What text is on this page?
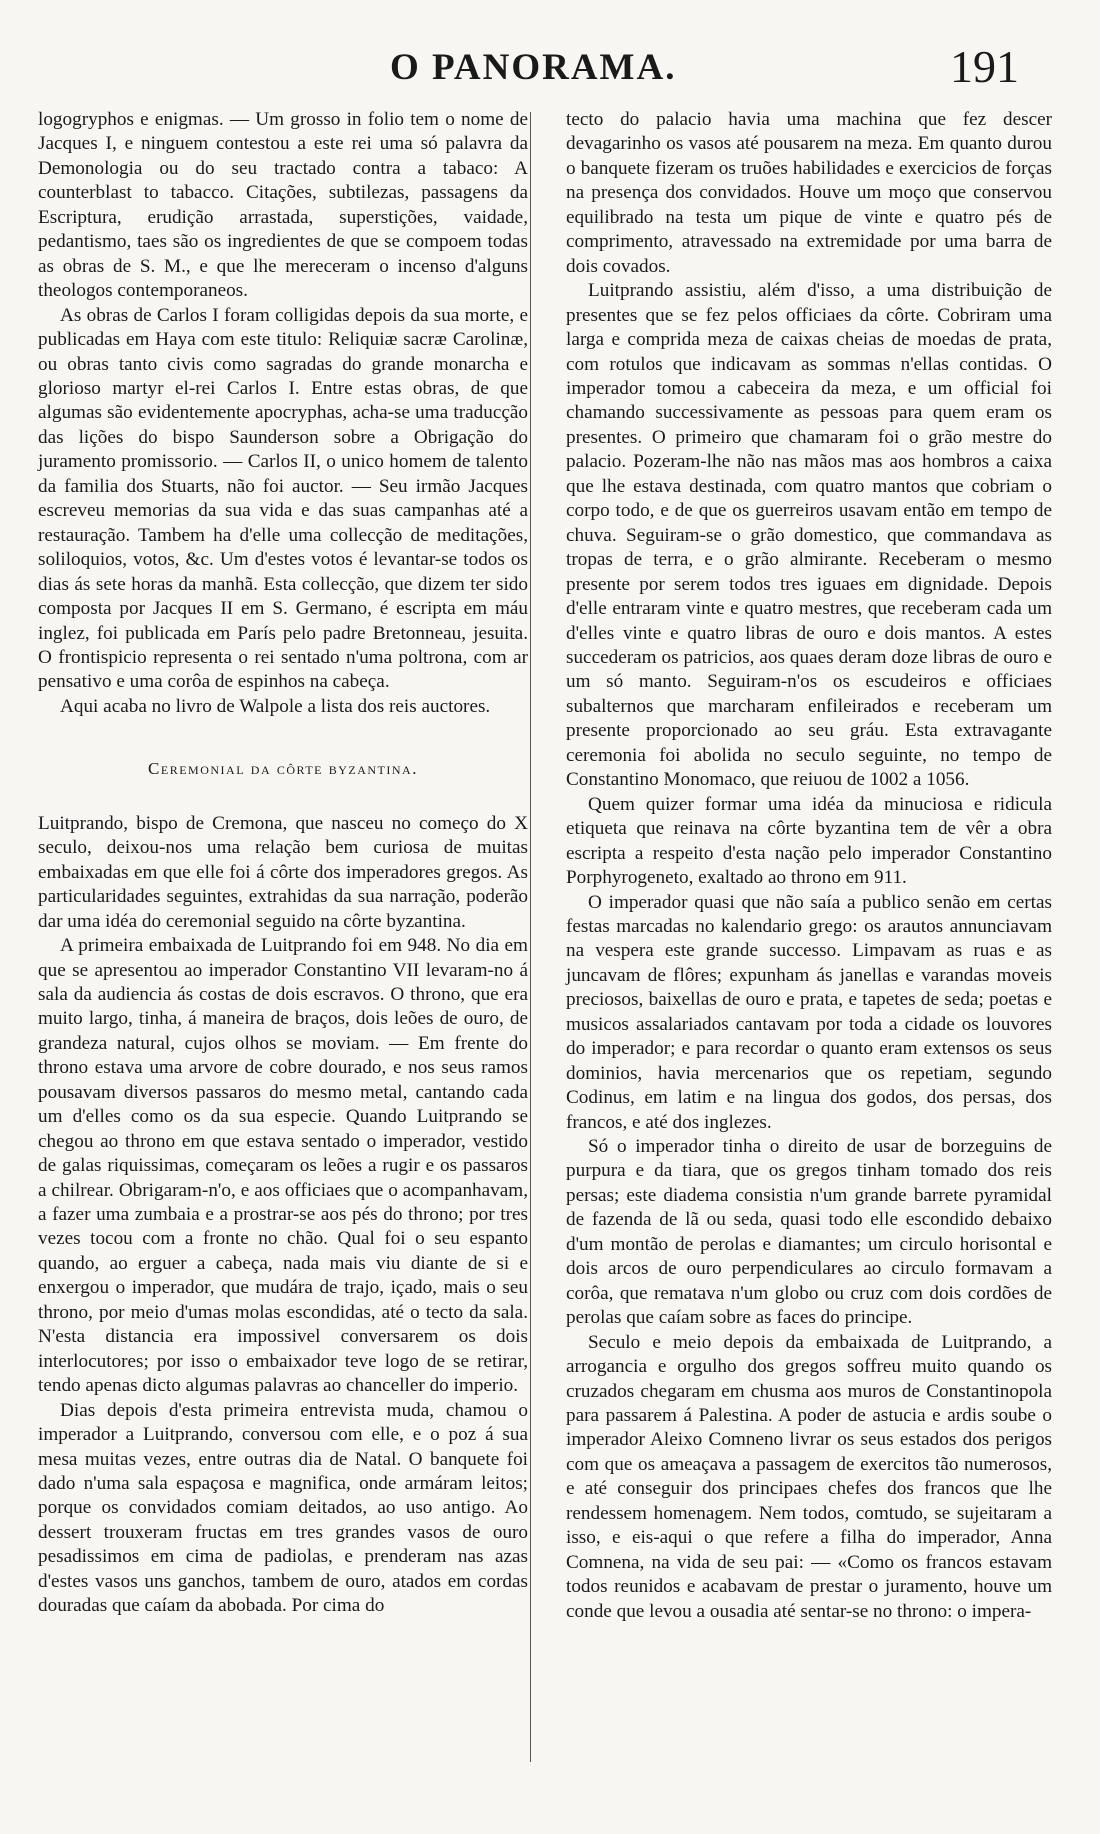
O PANORAMA.	191

logogryphos e enigmas. — Um grosso in folio tem o nome de Jacques I, e ninguem contestou a este rei uma só palavra da Demonologia ou do seu tractado contra a tabaco: A counterblast to tabacco. Citações, subtilezas, passagens da Escriptura, erudição arrastada, superstições, vaidade, pedantismo, taes são os ingredientes de que se compoem todas as obras de S. M., e que lhe mereceram o incenso d'alguns theologos contemporaneos.

As obras de Carlos I foram colligidas depois da sua morte, e publicadas em Haya com este titulo: Reliquiæ sacræ Carolinæ, ou obras tanto civis como sagradas do grande monarcha e glorioso martyr el-rei Carlos I. Entre estas obras, de que algumas são evidentemente apocryphas, acha-se uma traducção das lições do bispo Saunderson sobre a Obrigação do juramento promissorio. — Carlos II, o unico homem de talento da familia dos Stuarts, não foi auctor. — Seu irmão Jacques escreveu memorias da sua vida e das suas campanhas até a restauração. Tambem ha d'elle uma collecção de meditações, soliloquios, votos, &c. Um d'estes votos é levantar-se todos os dias ás sete horas da manhã. Esta collecção, que dizem ter sido composta por Jacques II em S. Germano, é escripta em máu inglez, foi publicada em París pelo padre Bretonneau, jesuita. O frontispicio representa o rei sentado n'uma poltrona, com ar pensativo e uma corôa de espinhos na cabeça.

Aqui acaba no livro de Walpole a lista dos reis auctores.

Ceremonial da côrte byzantina.

Luitprando, bispo de Cremona, que nasceu no começo do X seculo, deixou-nos uma relação bem curiosa de muitas embaixadas em que elle foi á côrte dos imperadores gregos. As particularidades seguintes, extrahidas da sua narração, poderão dar uma idéa do ceremonial seguido na côrte byzantina.

A primeira embaixada de Luitprando foi em 948. No dia em que se apresentou ao imperador Constantino VII levaram-no á sala da audiencia ás costas de dois escravos. O throno, que era muito largo, tinha, á maneira de braços, dois leões de ouro, de grandeza natural, cujos olhos se moviam. — Em frente do throno estava uma arvore de cobre dourado, e nos seus ramos pousavam diversos passaros do mesmo metal, cantando cada um d'elles como os da sua especie. Quando Luitprando se chegou ao throno em que estava sentado o imperador, vestido de galas riquissimas, começaram os leões a rugir e os passaros a chilrear. Obrigaram-n'o, e aos officiaes que o acompanhavam, a fazer uma zumbaia e a prostrar-se aos pés do throno; por tres vezes tocou com a fronte no chão. Qual foi o seu espanto quando, ao erguer a cabeça, nada mais viu diante de si e enxergou o imperador, que mudára de trajo, içado, mais o seu throno, por meio d'umas molas escondidas, até o tecto da sala. N'esta distancia era impossivel conversarem os dois interlocutores; por isso o embaixador teve logo de se retirar, tendo apenas dicto algumas palavras ao chanceller do imperio.

Dias depois d'esta primeira entrevista muda, chamou o imperador a Luitprando, conversou com elle, e o poz á sua mesa muitas vezes, entre outras dia de Natal. O banquete foi dado n'uma sala espaçosa e magnifica, onde armáram leitos; porque os convidados comiam deitados, ao uso antigo. Ao dessert trouxeram fructas em tres grandes vasos de ouro pesadissimos em cima de padiolas, e prenderam nas azas d'estes vasos uns ganchos, tambem de ouro, atados em cordas douradas que caíam da abobada. Por cima do

tecto do palacio havia uma machina que fez descer devagarinho os vasos até pousarem na meza. Em quanto durou o banquete fizeram os truões habilidades e exercicios de forças na presença dos convidados. Houve um moço que conservou equilibrado na testa um pique de vinte e quatro pés de comprimento, atravessado na extremidade por uma barra de dois covados.

Luitprando assistiu, além d'isso, a uma distribuição de presentes que se fez pelos officiaes da côrte. Cobriram uma larga e comprida meza de caixas cheias de moedas de prata, com rotulos que indicavam as sommas n'ellas contidas. O imperador tomou a cabeceira da meza, e um official foi chamando successivamente as pessoas para quem eram os presentes. O primeiro que chamaram foi o grão mestre do palacio. Pozeram-lhe não nas mãos mas aos hombros a caixa que lhe estava destinada, com quatro mantos que cobriam o corpo todo, e de que os guerreiros usavam então em tempo de chuva. Seguiram-se o grão domestico, que commandava as tropas de terra, e o grão almirante. Receberam o mesmo presente por serem todos tres iguaes em dignidade. Depois d'elle entraram vinte e quatro mestres, que receberam cada um d'elles vinte e quatro libras de ouro e dois mantos. A estes succederam os patricios, aos quaes deram doze libras de ouro e um só manto. Seguiram-n'os os escudeiros e officiaes subalternos que marcharam enfileirados e receberam um presente proporcionado ao seu gráu. Esta extravagante ceremonia foi abolida no seculo seguinte, no tempo de Constantino Monomaco, que reiuou de 1002 a 1056.

Quem quizer formar uma idéa da minuciosa e ridicula etiqueta que reinava na côrte byzantina tem de vêr a obra escripta a respeito d'esta nação pelo imperador Constantino Porphyrogeneto, exaltado ao throno em 911.

O imperador quasi que não saía a publico senão em certas festas marcadas no kalendario grego: os arautos annunciavam na vespera este grande successo. Limpavam as ruas e as juncavam de flôres; expunham ás janellas e varandas moveis preciosos, baixellas de ouro e prata, e tapetes de seda; poetas e musicos assalariados cantavam por toda a cidade os louvores do imperador; e para recordar o quanto eram extensos os seus dominios, havia mercenarios que os repetiam, segundo Codinus, em latim e na lingua dos godos, dos persas, dos francos, e até dos inglezes.

Só o imperador tinha o direito de usar de borzeguins de purpura e da tiara, que os gregos tinham tomado dos reis persas; este diadema consistia n'um grande barrete pyramidal de fazenda de lã ou seda, quasi todo elle escondido debaixo d'um montão de perolas e diamantes; um circulo horisontal e dois arcos de ouro perpendiculares ao circulo formavam a corôa, que rematava n'um globo ou cruz com dois cordões de perolas que caíam sobre as faces do principe.

Seculo e meio depois da embaixada de Luitprando, a arrogancia e orgulho dos gregos soffreu muito quando os cruzados chegaram em chusma aos muros de Constantinopola para passarem á Palestina. A poder de astucia e ardis soube o imperador Aleixo Comneno livrar os seus estados dos perigos com que os ameaçava a passagem de exercitos tão numerosos, e até conseguir dos principaes chefes dos francos que lhe rendessem homenagem. Nem todos, comtudo, se sujeitaram a isso, e eis-aqui o que refere a filha do imperador, Anna Comnena, na vida de seu pai: — «Como os francos estavam todos reunidos e acabavam de prestar o juramento, houve um conde que levou a ousadia até sentar-se no throno: o impera-
